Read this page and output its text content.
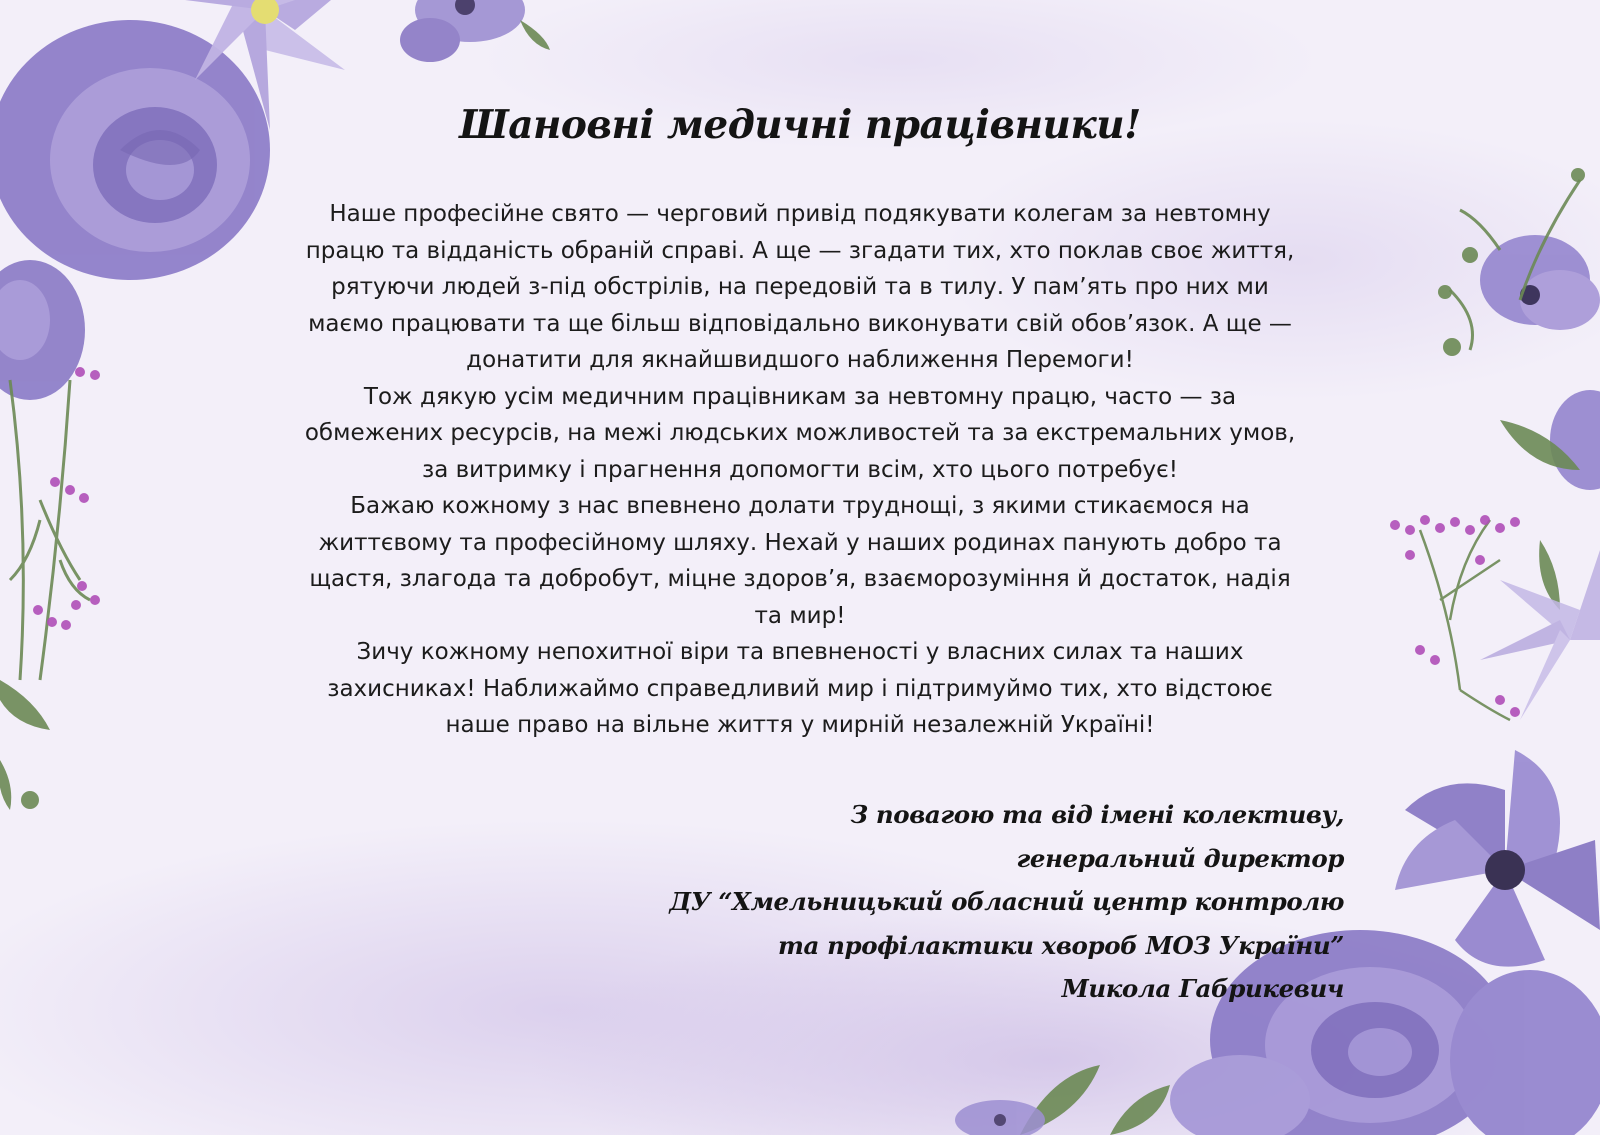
Шановні медичні працівники!

Наше професійне свято — черговий привід подякувати колегам за невтомну
працю та відданість обраній справі. А ще — згадати тих, хто поклав своє життя,
рятуючи людей з-під обстрілів, на передовій та в тилу. У пам’ять про них ми
маємо працювати та ще більш відповідально виконувати свій обов’язок. А ще —
донатити для якнайшвидшого наближення Перемоги!

Тож дякую усім медичним працівникам за невтомну працю, часто — за
обмежених ресурсів, на межі людських можливостей та за екстремальних умов,
за витримку і прагнення допомогти всім, хто цього потребує!

Бажаю кожному з нас впевнено долати труднощі, з якими стикаємося на
життєвому та професійному шляху. Нехай у наших родинах панують добро та
щастя, злагода та добробут, міцне здоров’я, взаєморозуміння й достаток, надія
та мир!

Зичу кожному непохитної віри та впевненості у власних силах та наших
захисниках! Наближаймо справедливий мир і підтримуймо тих, хто відстоює
наше право на вільне життя у мирній незалежній Україні!

З повагою та від імені колективу,
генеральний директор
ДУ “Хмельницький обласний центр контролю
та профілактики хвороб МОЗ України”
Микола Габрикевич
